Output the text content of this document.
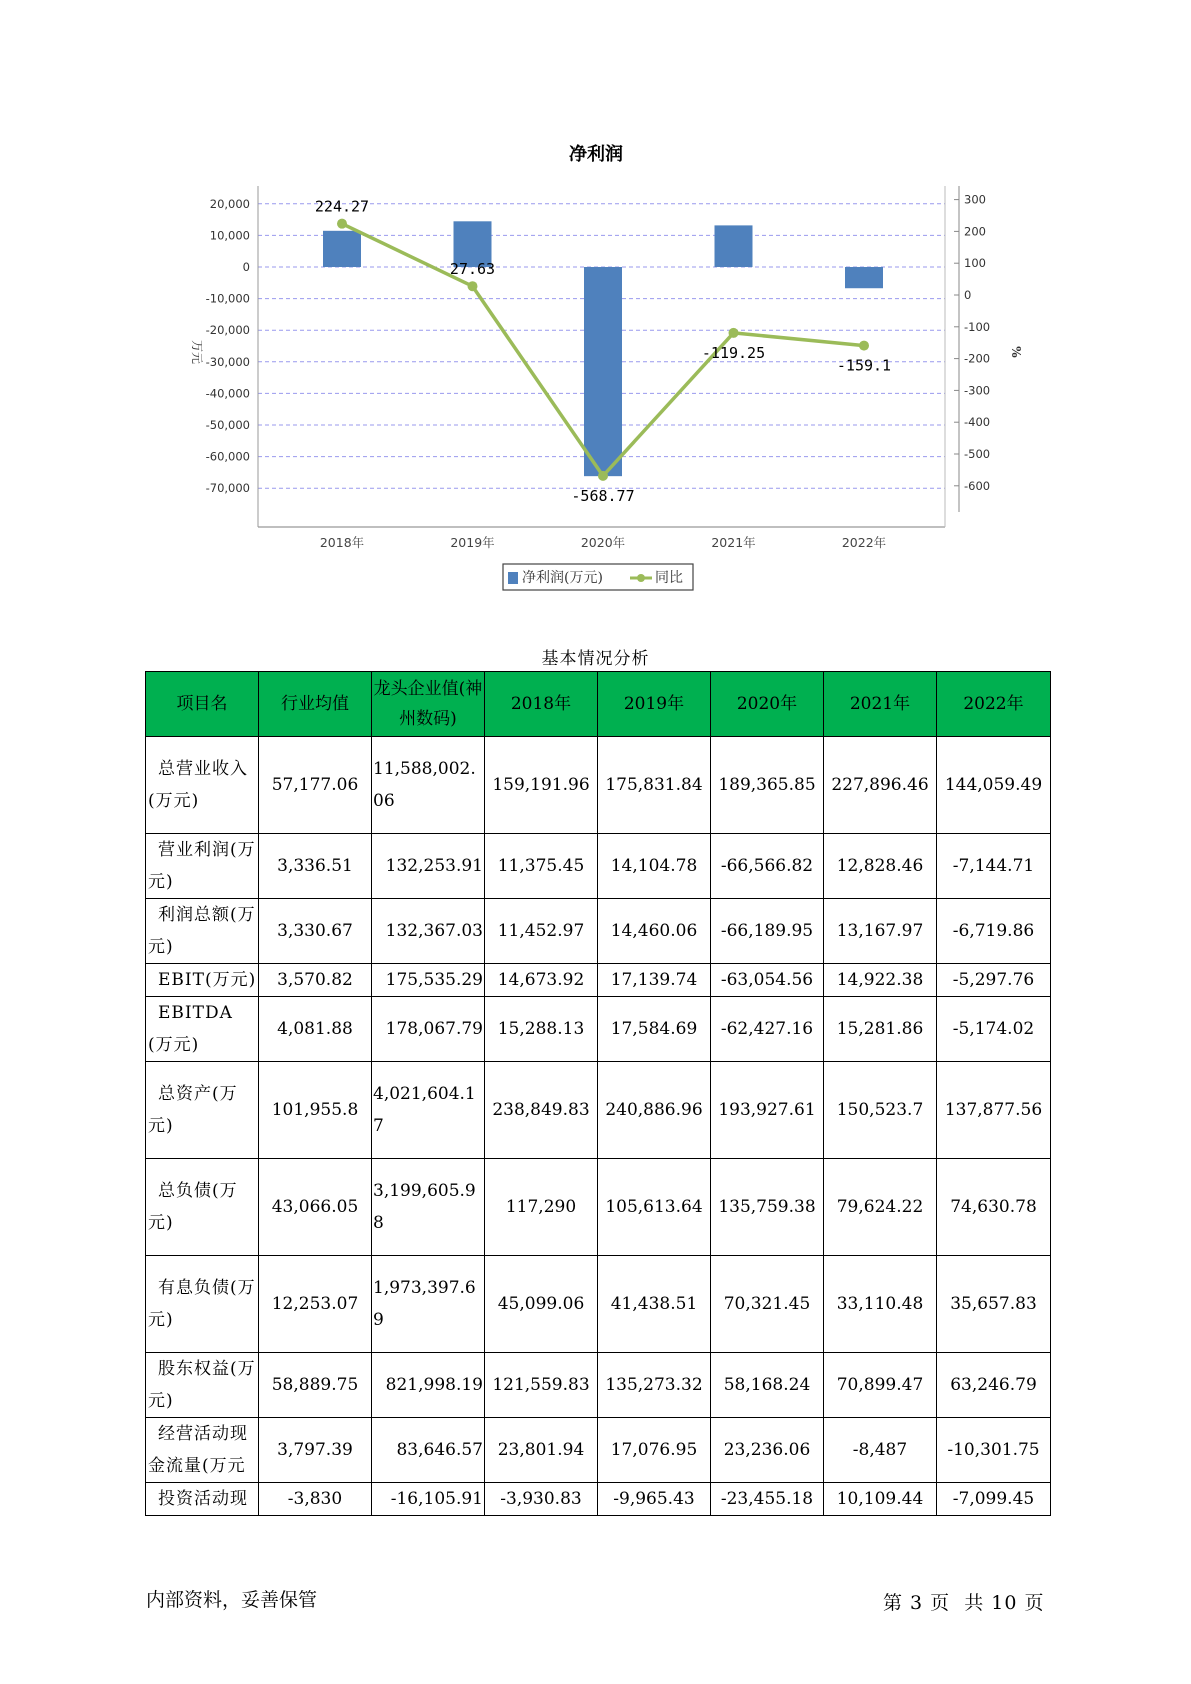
净利润
20,000
10,000
0
-10,000
-20,000
-30,000
-40,000
-50,000
-60,000
-70,000
300
200
100
0
-100
-200
-300
-400
-500
-600
万元	%
2018年	2019年	2020年	2021年	2022年
224.27
27.63
-568.77
-119.25
-159.1
净利润(万元)	同比
基本情况分析
项目名	行业均值	龙头企业值(神州数码)	2018年	2019年	2020年	2021年	2022年
总营业收入(万元)	57,177.06	11,588,002.06	159,191.96	175,831.84	189,365.85	227,896.46	144,059.49
营业利润(万元)	3,336.51	132,253.91	11,375.45	14,104.78	-66,566.82	12,828.46	-7,144.71
利润总额(万元)	3,330.67	132,367.03	11,452.97	14,460.06	-66,189.95	13,167.97	-6,719.86
EBIT(万元)	3,570.82	175,535.29	14,673.92	17,139.74	-63,054.56	14,922.38	-5,297.76
EBITDA(万元)	4,081.88	178,067.79	15,288.13	17,584.69	-62,427.16	15,281.86	-5,174.02
总资产(万元)	101,955.8	4,021,604.17	238,849.83	240,886.96	193,927.61	150,523.7	137,877.56
总负债(万元)	43,066.05	3,199,605.98	117,290	105,613.64	135,759.38	79,624.22	74,630.78
有息负债(万元)	12,253.07	1,973,397.69	45,099.06	41,438.51	70,321.45	33,110.48	35,657.83
股东权益(万元)	58,889.75	821,998.19	121,559.83	135,273.32	58,168.24	70,899.47	63,246.79
经营活动现金流量(万元	3,797.39	83,646.57	23,801.94	17,076.95	23,236.06	-8,487	-10,301.75
投资活动现	-3,830	-16,105.91	-3,930.83	-9,965.43	-23,455.18	10,109.44	-7,099.45
内部资料，妥善保管	第 3 页  共 10 页
